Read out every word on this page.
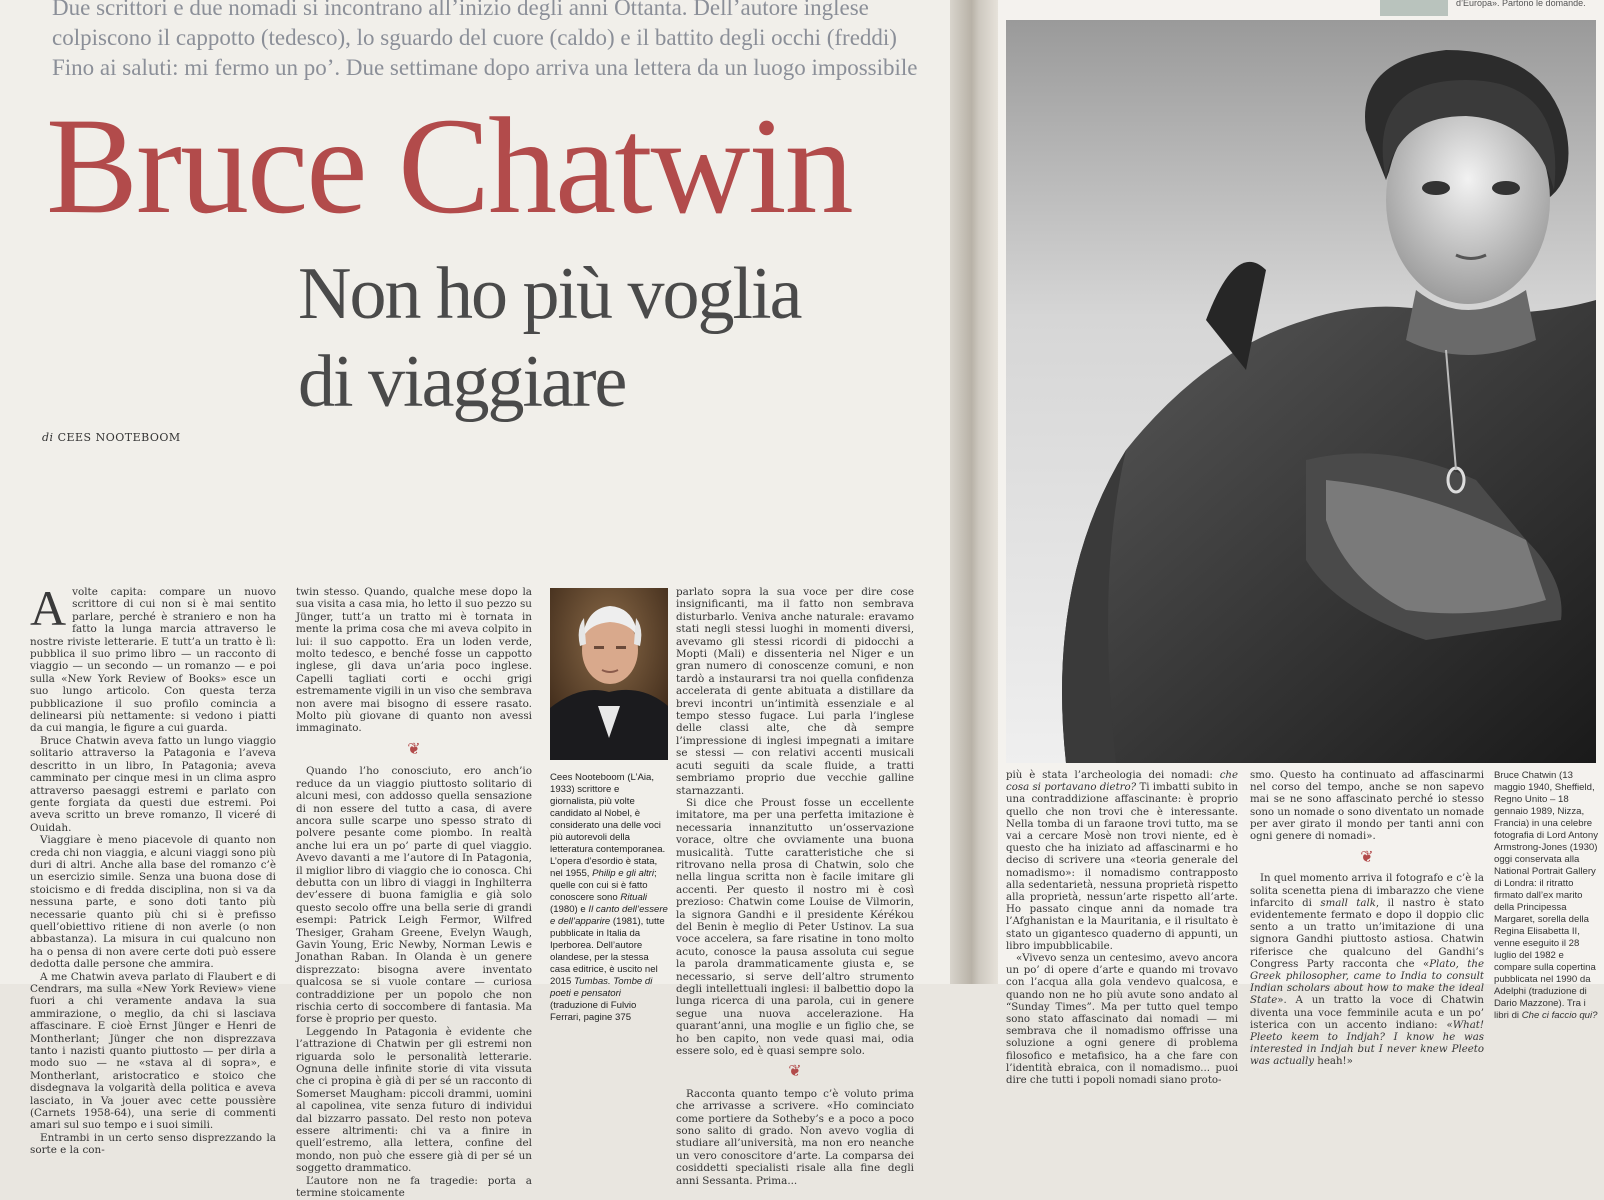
Due scrittori e due nomadi si incontrano all’inizio degli anni Ottanta. Dell’autore inglese
colpiscono il cappotto (tedesco), lo sguardo del cuore (caldo) e il battito degli occhi (freddi)
Fino ai saluti: mi fermo un po’. Due settimane dopo arriva una lettera da un luogo impossibile
Bruce Chatwin
Non ho più voglia
di viaggiare
di CEES NOOTEBOOM

Avolte capita: compare un nuovo scrittore di cui non si è mai sentito parlare, perché è straniero e non ha fatto la lunga marcia attraverso le nostre riviste letterarie. E tutt’a un tratto è lì: pubblica il suo primo libro — un racconto di viaggio — un secondo — un romanzo — e poi sulla «New York Review of Books» esce un suo lungo articolo. Con questa terza pubblicazione il suo profilo comincia a delinearsi più nettamente: si vedono i piatti da cui mangia, le figure a cui guarda.

Bruce Chatwin aveva fatto un lungo viaggio solitario attraverso la Patagonia e l’aveva descritto in un libro, In Patagonia; aveva camminato per cinque mesi in un clima aspro attraverso paesaggi estremi e parlato con gente forgiata da questi due estremi. Poi aveva scritto un breve romanzo, Il viceré di Ouidah.

Viaggiare è meno piacevole di quanto non creda chi non viaggia, e alcuni viaggi sono più duri di altri. Anche alla base del romanzo c’è un esercizio simile. Senza una buona dose di stoicismo e di fredda disciplina, non si va da nessuna parte, e sono doti tanto più necessarie quanto più chi si è prefisso quell’obiettivo ritiene di non averle (o non abbastanza). La misura in cui qualcuno non ha o pensa di non avere certe doti può essere dedotta dalle persone che ammira.

A me Chatwin aveva parlato di Flaubert e di Cendrars, ma sulla «New York Review» viene fuori a chi veramente andava la sua ammirazione, o meglio, da chi si lasciava affascinare. E cioè Ernst Jünger e Henri de Montherlant; Jünger che non disprezzava tanto i nazisti quanto piuttosto — per dirla a modo suo — ne «stava al di sopra», e Montherlant, aristocratico e stoico che disdegnava la volgarità della politica e aveva lasciato, in Va jouer avec cette poussière (Carnets 1958-64), una serie di commenti amari sul suo tempo e i suoi simili.

Entrambi in un certo senso disprezzando la sorte e la con-

twin stesso. Quando, qualche mese dopo la sua visita a casa mia, ho letto il suo pezzo su Jünger, tutt’a un tratto mi è tornata in mente la prima cosa che mi aveva colpito in lui: il suo cappotto. Era un loden verde, molto tedesco, e benché fosse un cappotto inglese, gli dava un’aria poco inglese. Capelli tagliati corti e occhi grigi estremamente vigili in un viso che sembrava non avere mai bisogno di essere rasato. Molto più giovane di quanto non avessi immaginato.

❦

Quando l’ho conosciuto, ero anch’io reduce da un viaggio piuttosto solitario di alcuni mesi, con addosso quella sensazione di non essere del tutto a casa, di avere ancora sulle scarpe uno spesso strato di polvere pesante come piombo. In realtà anche lui era un po’ parte di quel viaggio. Avevo davanti a me l’autore di In Patagonia, il miglior libro di viaggio che io conosca. Chi debutta con un libro di viaggi in Inghilterra dev’essere di buona famiglia e già solo questo secolo offre una bella serie di grandi esempi: Patrick Leigh Fermor, Wilfred Thesiger, Graham Greene, Evelyn Waugh, Gavin Young, Eric Newby, Norman Lewis e Jonathan Raban. In Olanda è un genere disprezzato: bisogna avere inventato qualcosa se si vuole contare — curiosa contraddizione per un popolo che non rischia certo di soccombere di fantasia. Ma forse è proprio per questo.

Leggendo In Patagonia è evidente che l’attrazione di Chatwin per gli estremi non riguarda solo le personalità letterarie. Ognuna delle infinite storie di vita vissuta che ci propina è già di per sé un racconto di Somerset Maugham: piccoli drammi, uomini al capolinea, vite senza futuro di individui dal bizzarro passato. Del resto non poteva essere altrimenti: chi va a finire in quell’estremo, alla lettera, confine del mondo, non può che essere già di per sé un soggetto drammatico.

L’autore non ne fa tragedie: porta a termine stoicamente

Cees Nooteboom (L’Aia, 1933) scrittore e giornalista, più volte candidato al Nobel, è considerato una delle voci più autorevoli della letteratura contemporanea. L’opera d’esordio è stata, nel 1955, Philip e gli altri; quelle con cui si è fatto conoscere sono Rituali (1980) e Il canto dell’essere e dell’apparire (1981), tutte pubblicate in Italia da Iperborea. Dell’autore olandese, per la stessa casa editrice, è uscito nel 2015 Tumbas. Tombe di poeti e pensatori (traduzione di Fulvio Ferrari, pagine 375

parlato sopra la sua voce per dire cose insignificanti, ma il fatto non sembrava disturbarlo. Veniva anche naturale: eravamo stati negli stessi luoghi in momenti diversi, avevamo gli stessi ricordi di pidocchi a Mopti (Mali) e dissenteria nel Niger e un gran numero di conoscenze comuni, e non tardò a instaurarsi tra noi quella confidenza accelerata di gente abituata a distillare da brevi incontri un’intimità essenziale e al tempo stesso fugace. Lui parla l’inglese delle classi alte, che dà sempre l’impressione di inglesi impegnati a imitare se stessi — con relativi accenti musicali acuti seguiti da scale fluide, a tratti sembriamo proprio due vecchie galline starnazzanti.

Si dice che Proust fosse un eccellente imitatore, ma per una perfetta imitazione è necessaria innanzitutto un’osservazione vorace, oltre che ovviamente una buona musicalità. Tutte caratteristiche che si ritrovano nella prosa di Chatwin, solo che nella lingua scritta non è facile imitare gli accenti. Per questo il nostro mi è così prezioso: Chatwin come Louise de Vilmorin, la signora Gandhi e il presidente Kérékou del Benin è meglio di Peter Ustinov. La sua voce accelera, sa fare risatine in tono molto acuto, conosce la pausa assoluta cui segue la parola drammaticamente giusta e, se necessario, si serve dell’altro strumento degli intellettuali inglesi: il balbettio dopo la lunga ricerca di una parola, cui in genere segue una nuova accelerazione. Ha quarant’anni, una moglie e un figlio che, se ho ben capito, non vede quasi mai, odia essere solo, ed è quasi sempre solo.

❦

Racconta quanto tempo c’è voluto prima che arrivasse a scrivere. «Ho cominciato come portiere da Sotheby’s e a poco a poco sono salito di grado. Non avevo voglia di studiare all’università, ma non ero neanche un vero conoscitore d’arte. La comparsa dei cosiddetti specialisti risale alla fine degli anni Sessanta. Prima...

d’Europa». Partono le domande.

più è stata l’archeologia dei nomadi: che cosa si portavano dietro? Ti imbatti subito in una contraddizione affascinante: è proprio quello che non trovi che è interessante. Nella tomba di un faraone trovi tutto, ma se vai a cercare Mosè non trovi niente, ed è questo che ha iniziato ad affascinarmi e ho deciso di scrivere una «teoria generale del nomadismo»: il nomadismo contrapposto alla sedentarietà, nessuna proprietà rispetto alla proprietà, nessun’arte rispetto all’arte. Ho passato cinque anni da nomade tra l’Afghanistan e la Mauritania, e il risultato è stato un gigantesco quaderno di appunti, un libro impubblicabile.

«Vivevo senza un centesimo, avevo ancora un po’ di opere d’arte e quando mi trovavo con l’acqua alla gola vendevo qualcosa, e quando non ne ho più avute sono andato al “Sunday Times”. Ma per tutto quel tempo sono stato affascinato dai nomadi — mi sembrava che il nomadismo offrisse una soluzione a ogni genere di problema filosofico e metafisico, ha a che fare con l’identità ebraica, con il nomadismo... puoi dire che tutti i popoli nomadi siano proto-

smo. Questo ha continuato ad affascinarmi nel corso del tempo, anche se non sapevo mai se ne sono affascinato perché io stesso sono un nomade o sono diventato un nomade per aver girato il mondo per tanti anni con ogni genere di nomadi».

❦

In quel momento arriva il fotografo e c’è la solita scenetta piena di imbarazzo che viene infarcito di small talk, il nastro è stato evidentemente fermato e dopo il doppio clic sento a un tratto un’imitazione di una signora Gandhi piuttosto astiosa. Chatwin riferisce che qualcuno del Gandhi’s Congress Party racconta che «Plato, the Greek philosopher, came to India to consult Indian scholars about how to make the ideal State». A un tratto la voce di Chatwin diventa una voce femminile acuta e un po’ isterica con un accento indiano: «What! Pleeto keem to Indjah? I know he was interested in Indjah but I never knew Pleeto was actually heah!»

Bruce Chatwin (13 maggio 1940, Sheffield, Regno Unito – 18 gennaio 1989, Nizza, Francia) in una celebre fotografia di Lord Antony Armstrong-Jones (1930) oggi conservata alla National Portrait Gallery di Londra: il ritratto firmato dall’ex marito della Principessa Margaret, sorella della Regina Elisabetta II, venne eseguito il 28 luglio del 1982 e compare sulla copertina pubblicata nel 1990 da Adelphi (traduzione di Dario Mazzone). Tra i libri di Che ci faccio qui?
